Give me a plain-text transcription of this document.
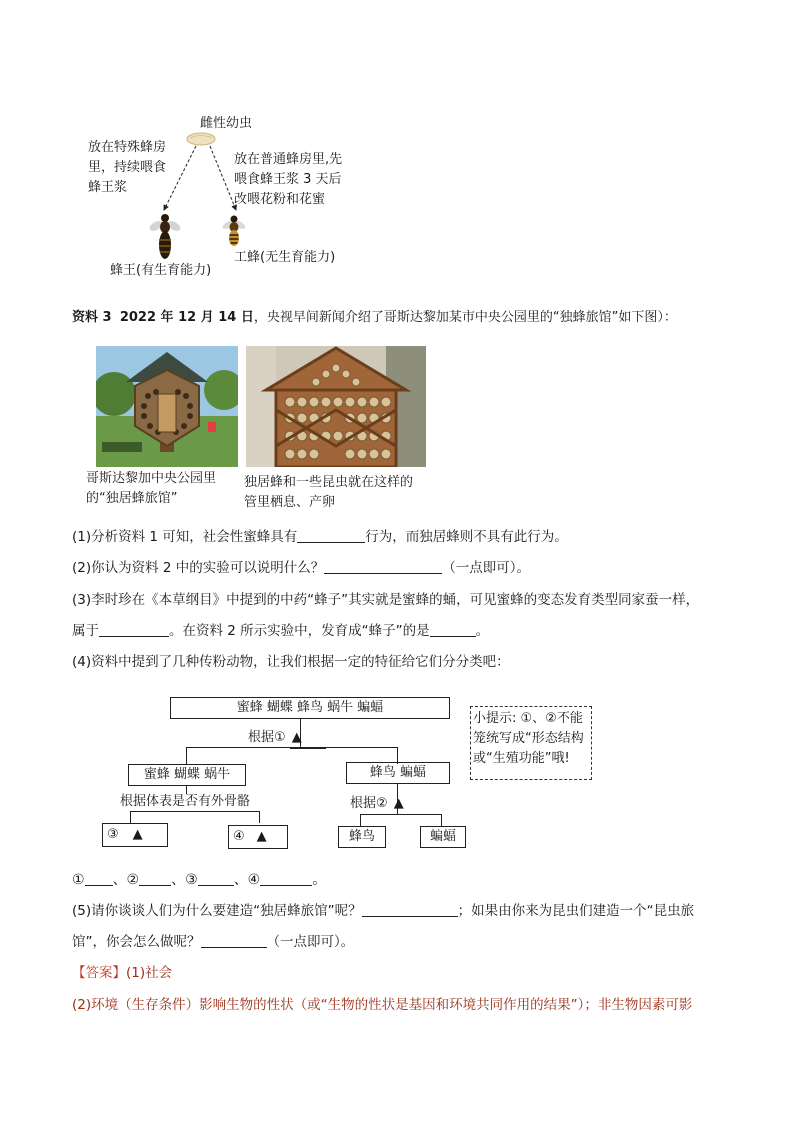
雌性幼虫
放在特殊蜂房
里，持续喂食
蜂王浆
放在普通蜂房里,先
喂食蜂王浆 3 天后
改喂花粉和花蜜
蜂王(有生育能力)
工蜂(无生育能力)
资料 3 2022 年 12 月 14 日，央视早间新闻介绍了哥斯达黎加某市中央公园里的“独蜂旅馆”如下图）：
哥斯达黎加中央公园里
的“独居蜂旅馆”
独居蜂和一些昆虫就在这样的
管里栖息、产卵
(1)分析资料 1 可知，社会性蜜蜂具有	行为，而独居蜂则不具有此行为。
(2)你认为资料 2 中的实验可以说明什么？	（一点即可）。
(3)李时珍在《本草纲目》中提到的中药“蜂子”其实就是蜜蜂的蛹，可见蜜蜂的变态发育类型同家蚕一样，
属于	。在资料 2 所示实验中，发育成“蜂子”的是	。
(4)资料中提到了几种传粉动物，让我们根据一定的特征给它们分分类吧：
蜜蜂 蝴蝶 蜂鸟 蜗牛 蝙蝠
根据① ▲
蜜蜂 蝴蝶 蜗牛	蜂鸟 蝙蝠
根据体表是否有外骨骼	根据② ▲
③ ▲	④ ▲	蜂鸟	蝙蝠
小提示: ①、②不能
笼统写成“形态结构
或“生殖功能”哦!
① 、② 、③	、④	。
(5)请你谈谈人们为什么要建造“独居蜂旅馆”呢？	；如果由你来为昆虫们建造一个“昆虫旅
馆”，你会怎么做呢？	（一点即可）。
【答案】(1)社会
(2)环境（生存条件）影响生物的性状（或“生物的性状是基因和环境共同作用的结果”）；非生物因素可影
